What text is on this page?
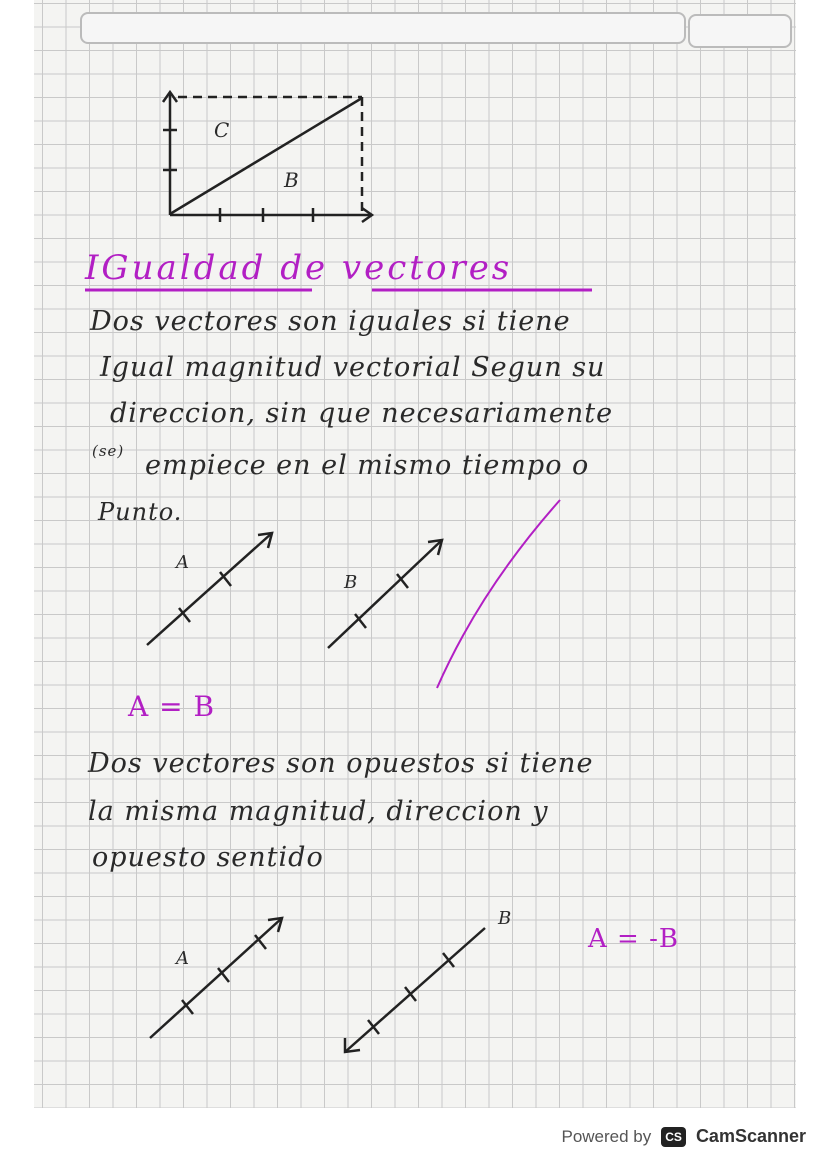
C
B
IGualdad de vectores
Dos vectores son iguales si tiene
Igual magnitud vectorial Segun su
direccion, sin que necesariamente
(se) empiece en el mismo tiempo o
Punto.
A
B
A = B
Dos vectores son opuestos si tiene
la misma magnitud, direccion y
opuesto sentido
A
B
A = -B
Powered by	CS CamScanner
